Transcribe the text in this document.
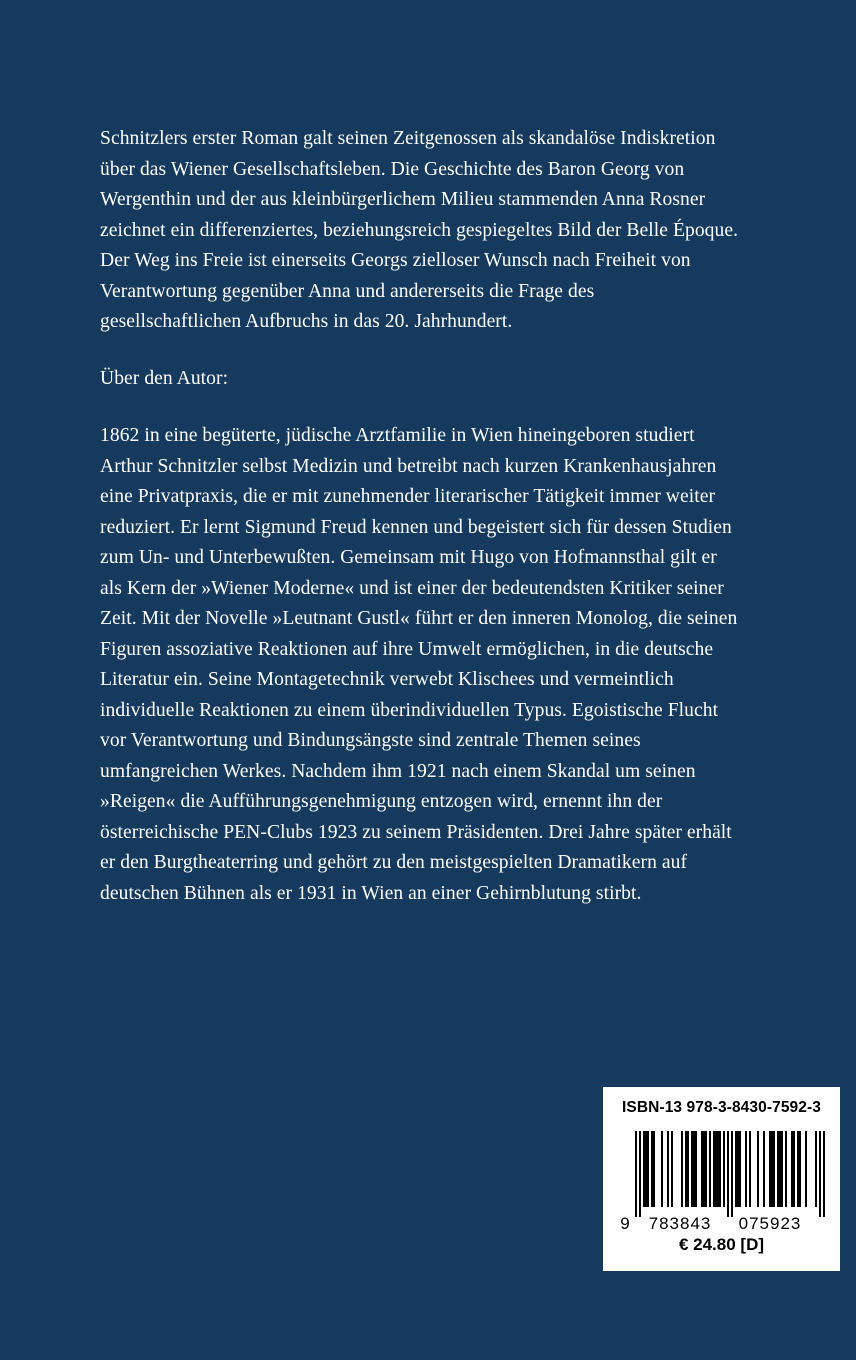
Schnitzlers erster Roman galt seinen Zeitgenossen als skandalöse Indiskretion
über das Wiener Gesellschaftsleben. Die Geschichte des Baron Georg von
Wergenthin und der aus kleinbürgerlichem Milieu stammenden Anna Rosner
zeichnet ein differenziertes, beziehungsreich gespiegeltes Bild der Belle Époque.
Der Weg ins Freie ist einerseits Georgs zielloser Wunsch nach Freiheit von
Verantwortung gegenüber Anna und andererseits die Frage des
gesellschaftlichen Aufbruchs in das 20. Jahrhundert.
Über den Autor:
1862 in eine begüterte, jüdische Arztfamilie in Wien hineingeboren studiert
Arthur Schnitzler selbst Medizin und betreibt nach kurzen Krankenhausjahren
eine Privatpraxis, die er mit zunehmender literarischer Tätigkeit immer weiter
reduziert. Er lernt Sigmund Freud kennen und begeistert sich für dessen Studien
zum Un- und Unterbewußten. Gemeinsam mit Hugo von Hofmannsthal gilt er
als Kern der »Wiener Moderne« und ist einer der bedeutendsten Kritiker seiner
Zeit. Mit der Novelle »Leutnant Gustl« führt er den inneren Monolog, die seinen
Figuren assoziative Reaktionen auf ihre Umwelt ermöglichen, in die deutsche
Literatur ein. Seine Montagetechnik verwebt Klischees und vermeintlich
individuelle Reaktionen zu einem überindividuellen Typus. Egoistische Flucht
vor Verantwortung und Bindungsängste sind zentrale Themen seines
umfangreichen Werkes. Nachdem ihm 1921 nach einem Skandal um seinen
»Reigen« die Aufführungsgenehmigung entzogen wird, ernennt ihn der
österreichische PEN-Clubs 1923 zu seinem Präsidenten. Drei Jahre später erhält
er den Burgtheaterring und gehört zu den meistgespielten Dramatikern auf
deutschen Bühnen als er 1931 in Wien an einer Gehirnblutung stirbt.
ISBN-13 978-3-8430-7592-3
9 783843 075923
€ 24.80 [D]
